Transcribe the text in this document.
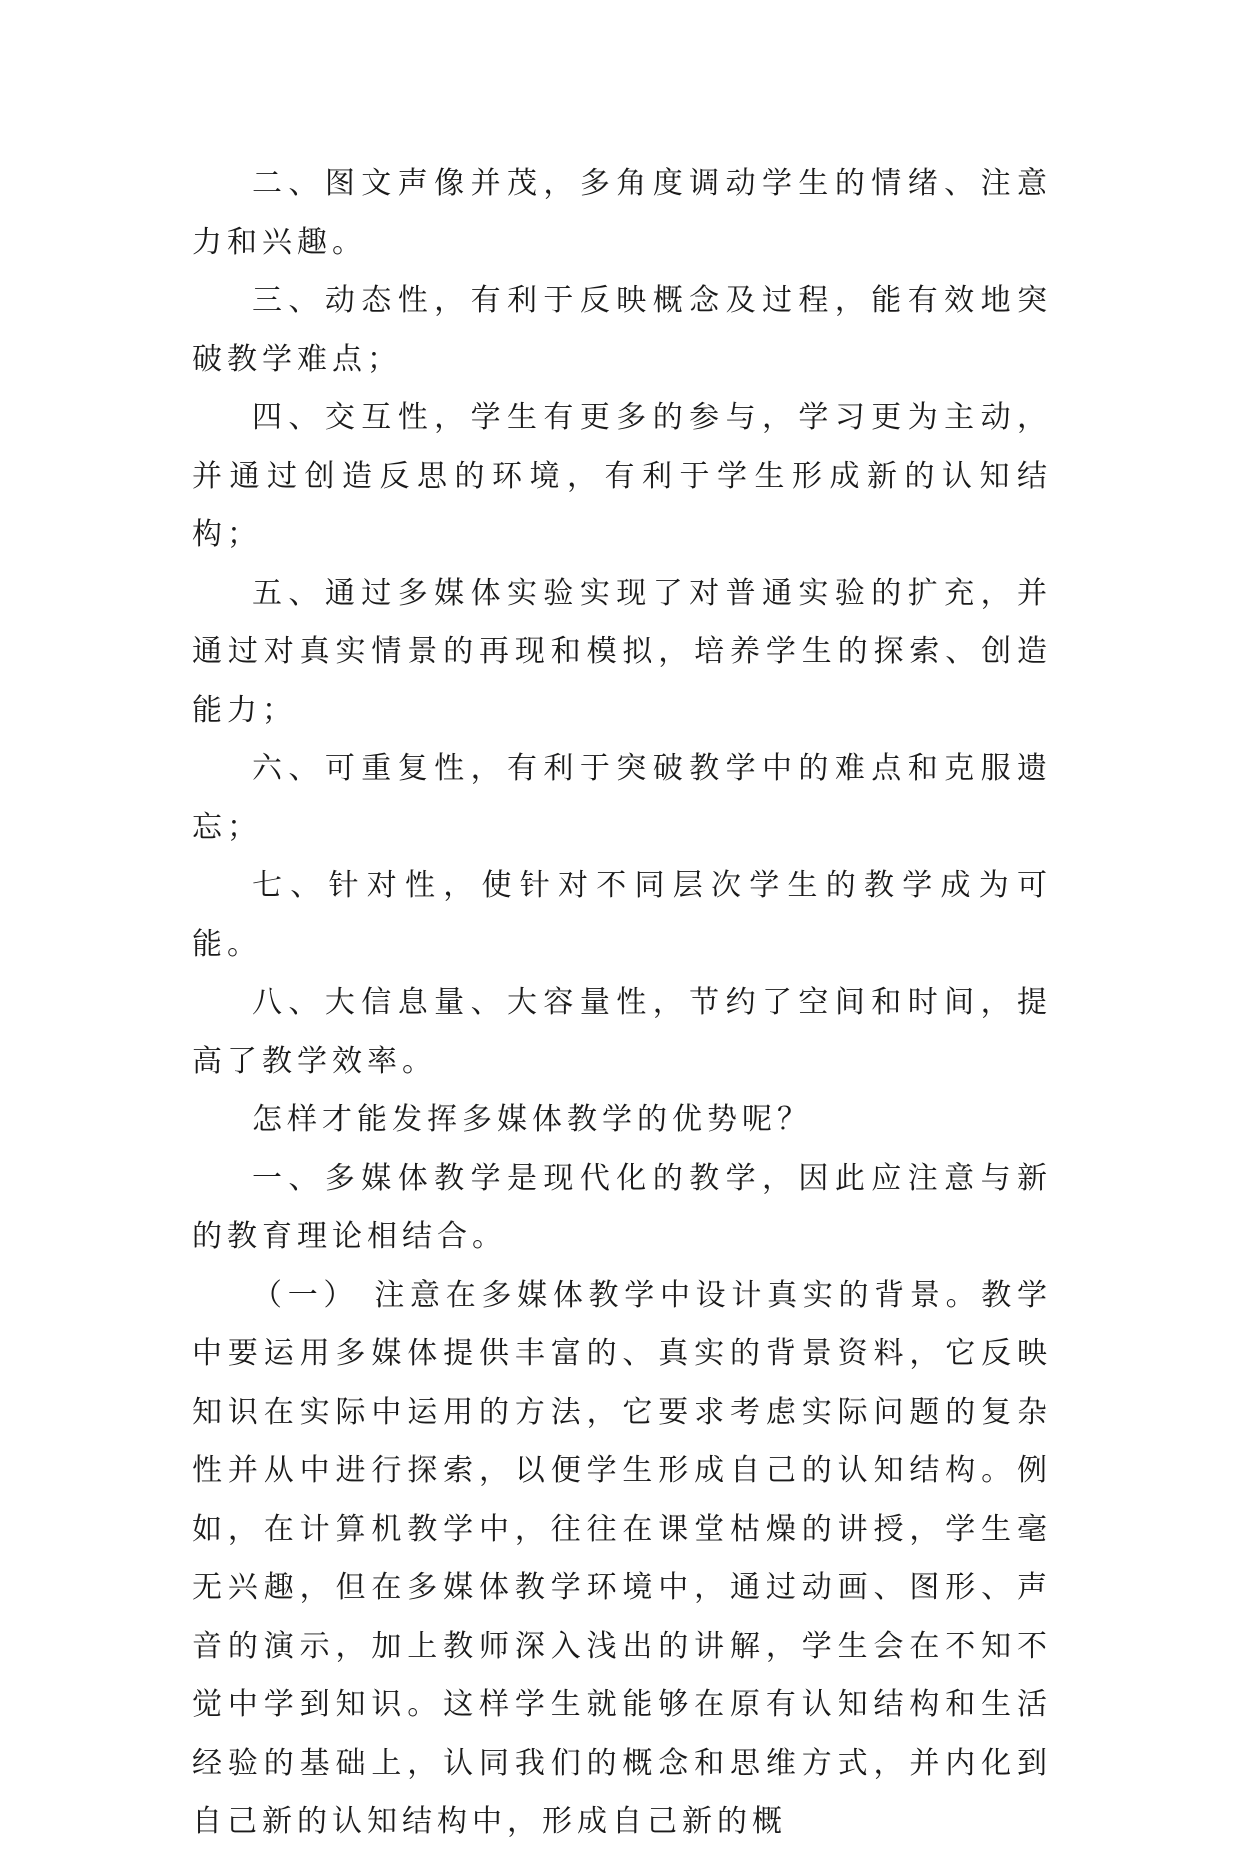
二、图文声像并茂，多角度调动学生的情绪、注意力和兴趣。

三、动态性，有利于反映概念及过程，能有效地突破教学难点；

四、交互性，学生有更多的参与，学习更为主动，并通过创造反思的环境，有利于学生形成新的认知结构；

五、通过多媒体实验实现了对普通实验的扩充，并通过对真实情景的再现和模拟，培养学生的探索、创造能力；

六、可重复性，有利于突破教学中的难点和克服遗忘；

七、针对性，使针对不同层次学生的教学成为可能。

八、大信息量、大容量性，节约了空间和时间，提高了教学效率。

怎样才能发挥多媒体教学的优势呢？

一、多媒体教学是现代化的教学，因此应注意与新的教育理论相结合。

（一） 注意在多媒体教学中设计真实的背景。教学中要运用多媒体提供丰富的、真实的背景资料，它反映知识在实际中运用的方法，它要求考虑实际问题的复杂性并从中进行探索，以便学生形成自己的认知结构。例如，在计算机教学中，往往在课堂枯燥的讲授，学生毫无兴趣，但在多媒体教学环境中，通过动画、图形、声音的演示，加上教师深入浅出的讲解，学生会在不知不觉中学到知识。这样学生就能够在原有认知结构和生活经验的基础上，认同我们的概念和思维方式，并内化到自己新的认知结构中，形成自己新的概
